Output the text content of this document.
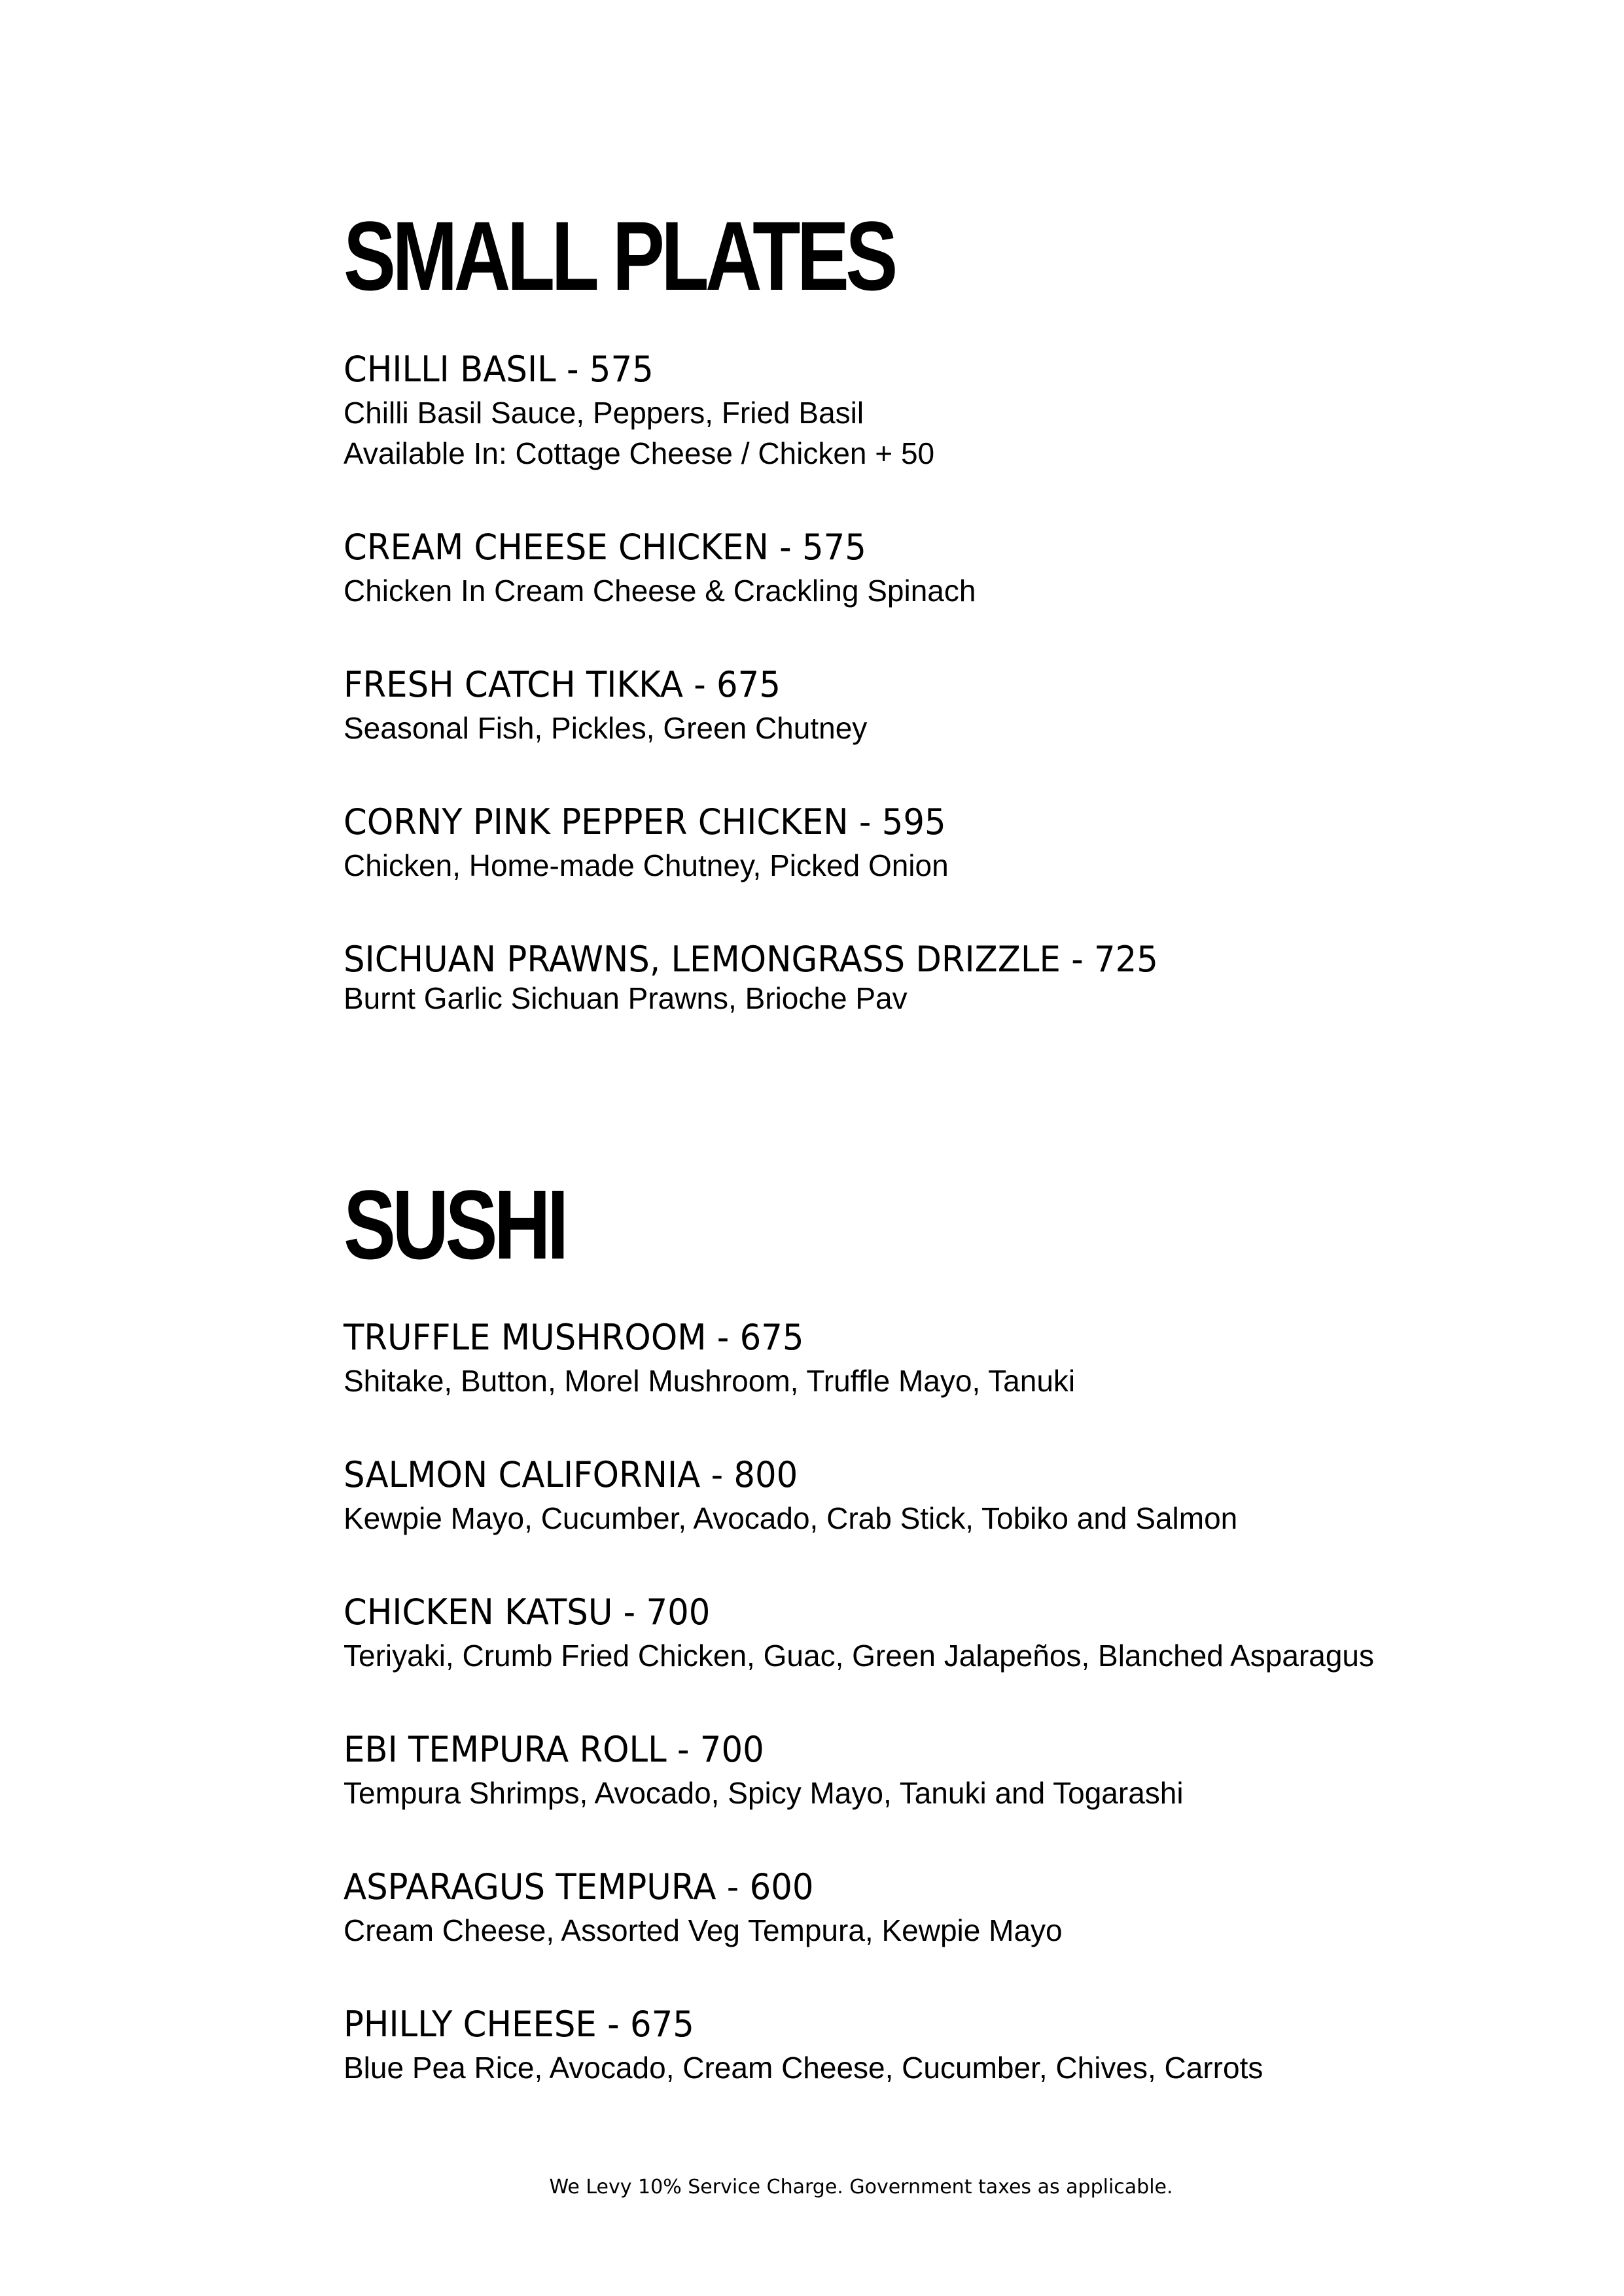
SMALL PLATES
CHILLI BASIL - 575
Chilli Basil Sauce, Peppers, Fried Basil
Available In: Cottage Cheese / Chicken + 50
CREAM CHEESE CHICKEN - 575
Chicken In Cream Cheese & Crackling Spinach
FRESH CATCH TIKKA - 675
Seasonal Fish, Pickles, Green Chutney
CORNY PINK PEPPER CHICKEN - 595
Chicken, Home-made Chutney, Picked Onion
SICHUAN PRAWNS, LEMONGRASS DRIZZLE - 725
Burnt Garlic Sichuan Prawns, Brioche Pav
SUSHI
TRUFFLE MUSHROOM - 675
Shitake, Button, Morel Mushroom, Truffle Mayo, Tanuki
SALMON CALIFORNIA - 800
Kewpie Mayo, Cucumber, Avocado, Crab Stick, Tobiko and Salmon
CHICKEN KATSU - 700
Teriyaki, Crumb Fried Chicken, Guac, Green Jalapeños, Blanched Asparagus
EBI TEMPURA ROLL - 700
Tempura Shrimps, Avocado, Spicy Mayo, Tanuki and Togarashi
ASPARAGUS TEMPURA - 600
Cream Cheese, Assorted Veg Tempura, Kewpie Mayo
PHILLY CHEESE - 675
Blue Pea Rice, Avocado, Cream Cheese, Cucumber, Chives, Carrots
We Levy 10% Service Charge. Government taxes as applicable.
